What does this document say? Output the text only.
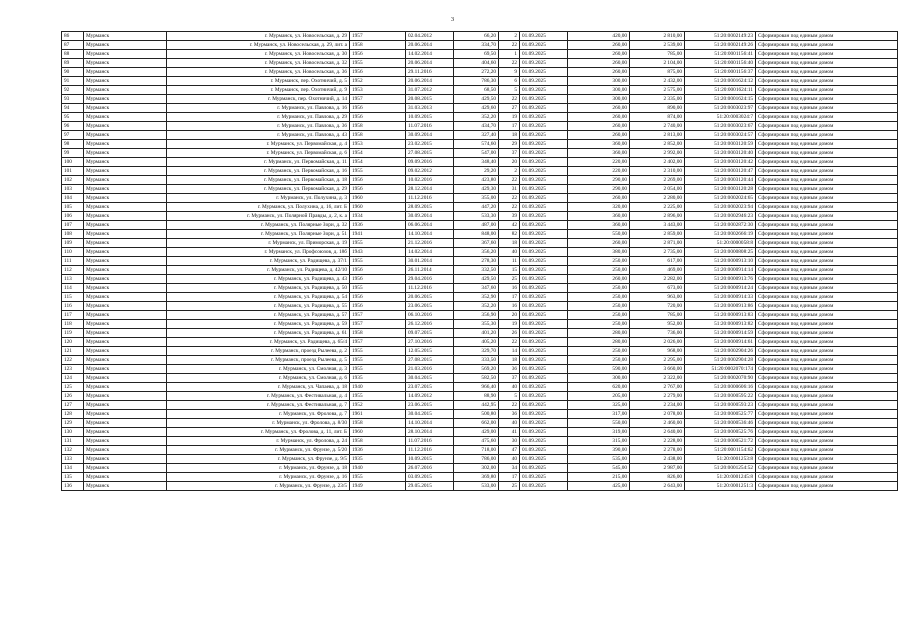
3
86	Мурманск	г. Мурманск, ул. Новосельская, д. 29	1957	02.04.2012	66,20	2	01.09.2025	420,00	2 810,00	51:20:0002149:23	Сформирован под единым домом
87	Мурманск	г. Мурманск, ул. Новосельская, д. 29, лит. а	1958	20.06.2014	334,70	22	01.09.2025	260,00	2 539,00	51:20:0002149:26	Сформирован под единым домом
88	Мурманск	г. Мурманск, ул. Новосельская, д. 30	1956	14.02.2014	69,50	1	01.09.2025	260,00	785,00	51:20:0001156:41	Сформирован под единым домом
89	Мурманск	г. Мурманск, ул. Новосельская, д. 32	1955	20.06.2014	404,60	22	01.09.2025	260,00	2 104,00	51:20:0001156:40	Сформирован под единым домом
90	Мурманск	г. Мурманск, ул. Новосельская, д. 36	1956	29.11.2016	272,20	9	01.09.2025	260,00	875,00	51:20:0001156:37	Сформирован под единым домом
91	Мурманск	г. Мурманск, пер. Охотничий, д. 5	1952	20.06.2014	786,30	6	01.09.2025	300,00	2 432,00	51:20:0001624:12	Сформирован под единым домом
92	Мурманск	г. Мурманск, пер. Охотничий, д. 9	1953	31.07.2012	68,50	5	01.09.2025	300,00	2 575,00	51:20:0001624:11	Сформирован под единым домом
93	Мурманск	г. Мурманск, пер. Охотничий, д. 14	1957	20.08.2015	429,50	22	01.09.2025	300,00	2 335,00	51:20:0001624:15	Сформирован под единым домом
94	Мурманск	г. Мурманск, ул. Павлова, д. 16	1956	31.03.2013	429,60	27	01.09.2025	260,00	890,00	51:20:0003023:97	Сформирован под единым домом
95	Мурманск	г. Мурманск, ул. Павлова, д. 29	1956	10.09.2015	352,20	19	01.09.2025	260,00	874,00	51:20:0003024:7	Сформирован под единым домом
96	Мурманск	г. Мурманск, ул. Павлова, д. 36	1958	11.07.2016	434,70	17	01.09.2025	260,00	2 740,00	51:20:0003023:67	Сформирован под единым домом
97	Мурманск	г. Мурманск, ул. Павлова, д. 43	1958	30.09.2014	327,40	18	01.09.2025	260,00	2 813,00	51:20:0003024:57	Сформирован под единым домом
98	Мурманск	г. Мурманск, ул. Первомайская, д. 4	1953	23.02.2015	574,60	29	01.09.2025	360,00	2 852,00	51:20:0003120:59	Сформирован под единым домом
99	Мурманск	г. Мурманск, ул. Первомайская, д. 6	1954	27.08.2015	547,00	37	01.09.2025	360,00	2 992,00	51:20:0003120:40	Сформирован под единым домом
100	Мурманск	г. Мурманск, ул. Первомайская, д. 11	1954	09.09.2016	348,40	20	01.09.2025	220,00	2 402,00	51:20:0003120:42	Сформирован под единым домом
101	Мурманск	г. Мурманск, ул. Первомайская, д. 16	1955	09.02.2012	29,20	2	01.09.2025	220,00	2 310,00	51:20:0003120:47	Сформирован под единым домом
102	Мурманск	г. Мурманск, ул. Первомайская, д. 18	1956	10.02.2016	423,80	22	01.09.2025	290,00	2 269,00	51:20:0003120:44	Сформирован под единым домом
103	Мурманск	г. Мурманск, ул. Первомайская, д. 29	1956	28.12.2014	429,30	31	01.09.2025	290,00	2 054,00	51:20:0003120:28	Сформирован под единым домом
104	Мурманск	г. Мурманск, ул. Полухина, д. 3	1960	11.12.2016	355,00	22	01.09.2025	260,00	2 280,00	51:20:0002024:65	Сформирован под единым домом
105	Мурманск	г. Мурманск, ул. Полухина, д. 16, лит. Б	1960	28.09.2015	447,20	22	01.09.2025	320,00	2 225,00	51:20:0002023:94	Сформирован под единым домом
106	Мурманск	г. Мурманск, ул. Полярной Правды, д. 2, к. а	1934	30.09.2014	533,30	39	01.09.2025	360,00	2 896,00	51:20:0002946:23	Сформирован под единым домом
107	Мурманск	г. Мурманск, ул. Полярные Зори, д. 32	1936	06.06.2014	487,00	42	01.09.2025	360,00	3 443,00	51:20:0002872:30	Сформирован под единым домом
108	Мурманск	г. Мурманск, ул. Полярные Зори, д. 51	1941	14.10.2014	848,00	82	01.09.2025	550,00	2 859,00	51:20:0002666:19	Сформирован под единым домом
109	Мурманск	г. Мурманск, ул. Приморская, д. 19	1955	21.12.2016	367,60	18	01.09.2025	260,00	2 871,00	51:20:0000058:8	Сформирован под единым домом
110	Мурманск	г. Мурманск, ул. Профсоюзов, д. 18б	1943	14.02.2014	356,20	40	01.09.2025	380,00	2 735,00	51:20:0000808:25	Сформирован под единым домом
111	Мурманск	г. Мурманск, ул. Радищева, д. 37/1	1955	30.01.2014	278,30	11	01.09.2025	250,00	617,00	51:20:0000913:10	Сформирован под единым домом
112	Мурманск	г. Мурманск, ул. Радищева, д. 42/10	1956	26.11.2014	332,50	15	01.09.2025	250,00	469,00	51:20:0000914:14	Сформирован под единым домом
113	Мурманск	г. Мурманск, ул. Радищева, д. 43	1956	29.04.2016	429,50	25	01.09.2025	260,00	2 282,00	51:20:0000913:76	Сформирован под единым домом
114	Мурманск	г. Мурманск, ул. Радищева, д. 50	1955	11.12.2016	347,60	16	01.09.2025	250,00	673,00	51:20:0000914:24	Сформирован под единым домом
115	Мурманск	г. Мурманск, ул. Радищева, д. 54	1956	20.06.2015	352,90	17	01.09.2025	250,00	963,00	51:20:0000914:33	Сформирован под единым домом
116	Мурманск	г. Мурманск, ул. Радищева, д. 55	1956	23.06.2015	352,20	16	01.09.2025	250,00	720,00	51:20:0000913:86	Сформирован под единым домом
117	Мурманск	г. Мурманск, ул. Радищева, д. 57	1957	06.10.2016	356,90	20	01.09.2025	250,00	785,00	51:20:0000913:83	Сформирован под единым домом
118	Мурманск	г. Мурманск, ул. Радищева, д. 59	1957	26.12.2016	355,30	19	01.09.2025	250,00	952,00	51:20:0000913:82	Сформирован под единым домом
119	Мурманск	г. Мурманск, ул. Радищева, д. 61	1958	09.07.2015	401,20	26	01.09.2025	280,00	736,00	51:20:0000914:59	Сформирован под единым домом
120	Мурманск	г. Мурманск, ул. Радищева, д. 65/4	1957	27.10.2016	405,20	22	01.09.2025	280,00	2 026,00	51:20:0000914:61	Сформирован под единым домом
121	Мурманск	г. Мурманск, проезд Рылеева, д. 2	1955	12.05.2015	329,70	14	01.09.2025	250,00	968,00	51:20:0002904:26	Сформирован под единым домом
122	Мурманск	г. Мурманск, проезд Рылеева, д. 5	1955	27.08.2015	333,50	18	01.09.2025	250,00	2 295,00	51:20:0002904:28	Сформирован под единым домом
123	Мурманск	г. Мурманск, ул. Смолная, д. 3	1955	21.03.2016	569,20	36	01.09.2025	590,00	3 660,00	51:20:0002070:174	Сформирован под единым домом
124	Мурманск	г. Мурманск, ул. Смолная, д. 6	1935	30.04.2015	582,50	37	01.09.2025	300,00	2 322,00	51:20:0002070:90	Сформирован под единым домом
125	Мурманск	г. Мурманск, ул. Чапаева, д. 18	1940	23.07.2015	966,40	40	01.09.2025	620,00	2 767,00	51:20:0000606:16	Сформирован под единым домом
126	Мурманск	г. Мурманск, ул. Фестивальная, д. 4	1955	14.09.2012	88,90	5	01.09.2025	205,00	2 279,00	51:20:0000595:22	Сформирован под единым домом
127	Мурманск	г. Мурманск, ул. Фестивальная, д. 7	1952	23.06.2015	442,95	22	01.09.2025	325,00	2 234,00	51:20:0000593:23	Сформирован под единым домом
128	Мурманск	г. Мурманск, ул. Фролова, д. 7	1961	30.04.2015	500,80	36	01.09.2025	317,00	2 078,00	51:20:0000525:77	Сформирован под единым домом
129	Мурманск	г. Мурманск, ул. Фролова, д. 8/30	1958	14.10.2014	662,00	40	01.09.2025	550,00	2 460,00	51:20:0000536:46	Сформирован под единым домом
130	Мурманск	г. Мурманск, ул. Фролова, д. 11, лит. Б	1960	28.10.2014	429,00	41	01.09.2025	319,00	2 640,00	51:20:0000525:76	Сформирован под единым домом
131	Мурманск	г. Мурманск, ул. Фролова, д. 24	1958	11.07.2016	475,60	30	01.09.2025	315,00	2 228,00	51:20:0000521:72	Сформирован под единым домом
132	Мурманск	г. Мурманск, ул. Фрунзе, д. 5/20	1936	11.12.2016	718,00	47	01.09.2025	390,00	2 278,00	51:20:0001154:62	Сформирован под единым домом
133	Мурманск	г. Мурманск, ул. Фрунзе, д. 9/5	1935	10.09.2015	786,00	40	01.09.2025	535,00	2 438,00	51:20:0001253:8	Сформирован под единым домом
134	Мурманск	г. Мурманск, ул. Фрунзе, д. 18	1940	26.07.2016	302,00	34	01.09.2025	545,00	2 987,00	51:20:0001254:52	Сформирован под единым домом
135	Мурманск	г. Мурманск, ул. Фрунзе, д. 16	1955	03.09.2015	369,80	17	01.09.2025	215,00	826,00	51:20:0001245:8	Сформирован под единым домом
136	Мурманск	г. Мурманск, ул. Фрунзе, д. 23/5	1949	29.05.2015	533,00	25	01.09.2025	425,00	2 643,00	51:20:0001251:3	Сформирован под единым домом
